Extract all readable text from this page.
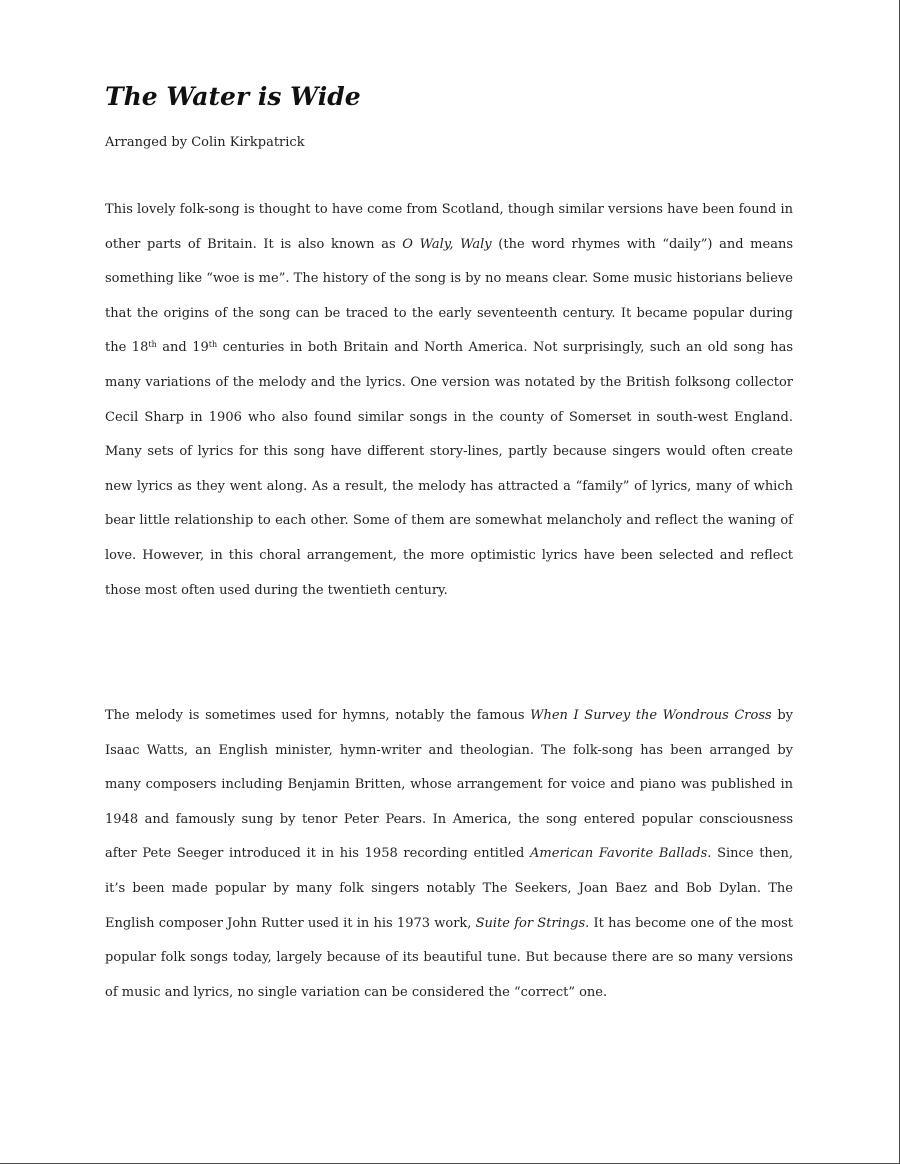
The Water is Wide
Arranged by Colin Kirkpatrick

This lovely folk-song is thought to have come from Scotland, though similar versions have been found in other parts of Britain. It is also known as O Waly, Waly (the word rhymes with “daily”) and means something like “woe is me”. The history of the song is by no means clear. Some music historians believe that the origins of the song can be traced to the early seventeenth century. It became popular during the 18th and 19th centuries in both Britain and North America. Not surprisingly, such an old song has many variations of the melody and the lyrics. One version was notated by the British folksong collector Cecil Sharp in 1906 who also found similar songs in the county of Somerset in south-west England. Many sets of lyrics for this song have different story-lines, partly because singers would often create new lyrics as they went along. As a result, the melody has attracted a “family” of lyrics, many of which bear little relationship to each other. Some of them are somewhat melancholy and reflect the waning of love. However, in this choral arrangement, the more optimistic lyrics have been selected and reflect those most often used during the twentieth century.

The melody is sometimes used for hymns, notably the famous When I Survey the Wondrous Cross by Isaac Watts, an English minister, hymn-writer and theologian. The folk-song has been arranged by many composers including Benjamin Britten, whose arrangement for voice and piano was published in 1948 and famously sung by tenor Peter Pears. In America, the song entered popular consciousness after Pete Seeger introduced it in his 1958 recording entitled American Favorite Ballads. Since then, it’s been made popular by many folk singers notably The Seekers, Joan Baez and Bob Dylan. The English composer John Rutter used it in his 1973 work, Suite for Strings. It has become one of the most popular folk songs today, largely because of its beautiful tune. But because there are so many versions of music and lyrics, no single variation can be considered the “correct” one.
